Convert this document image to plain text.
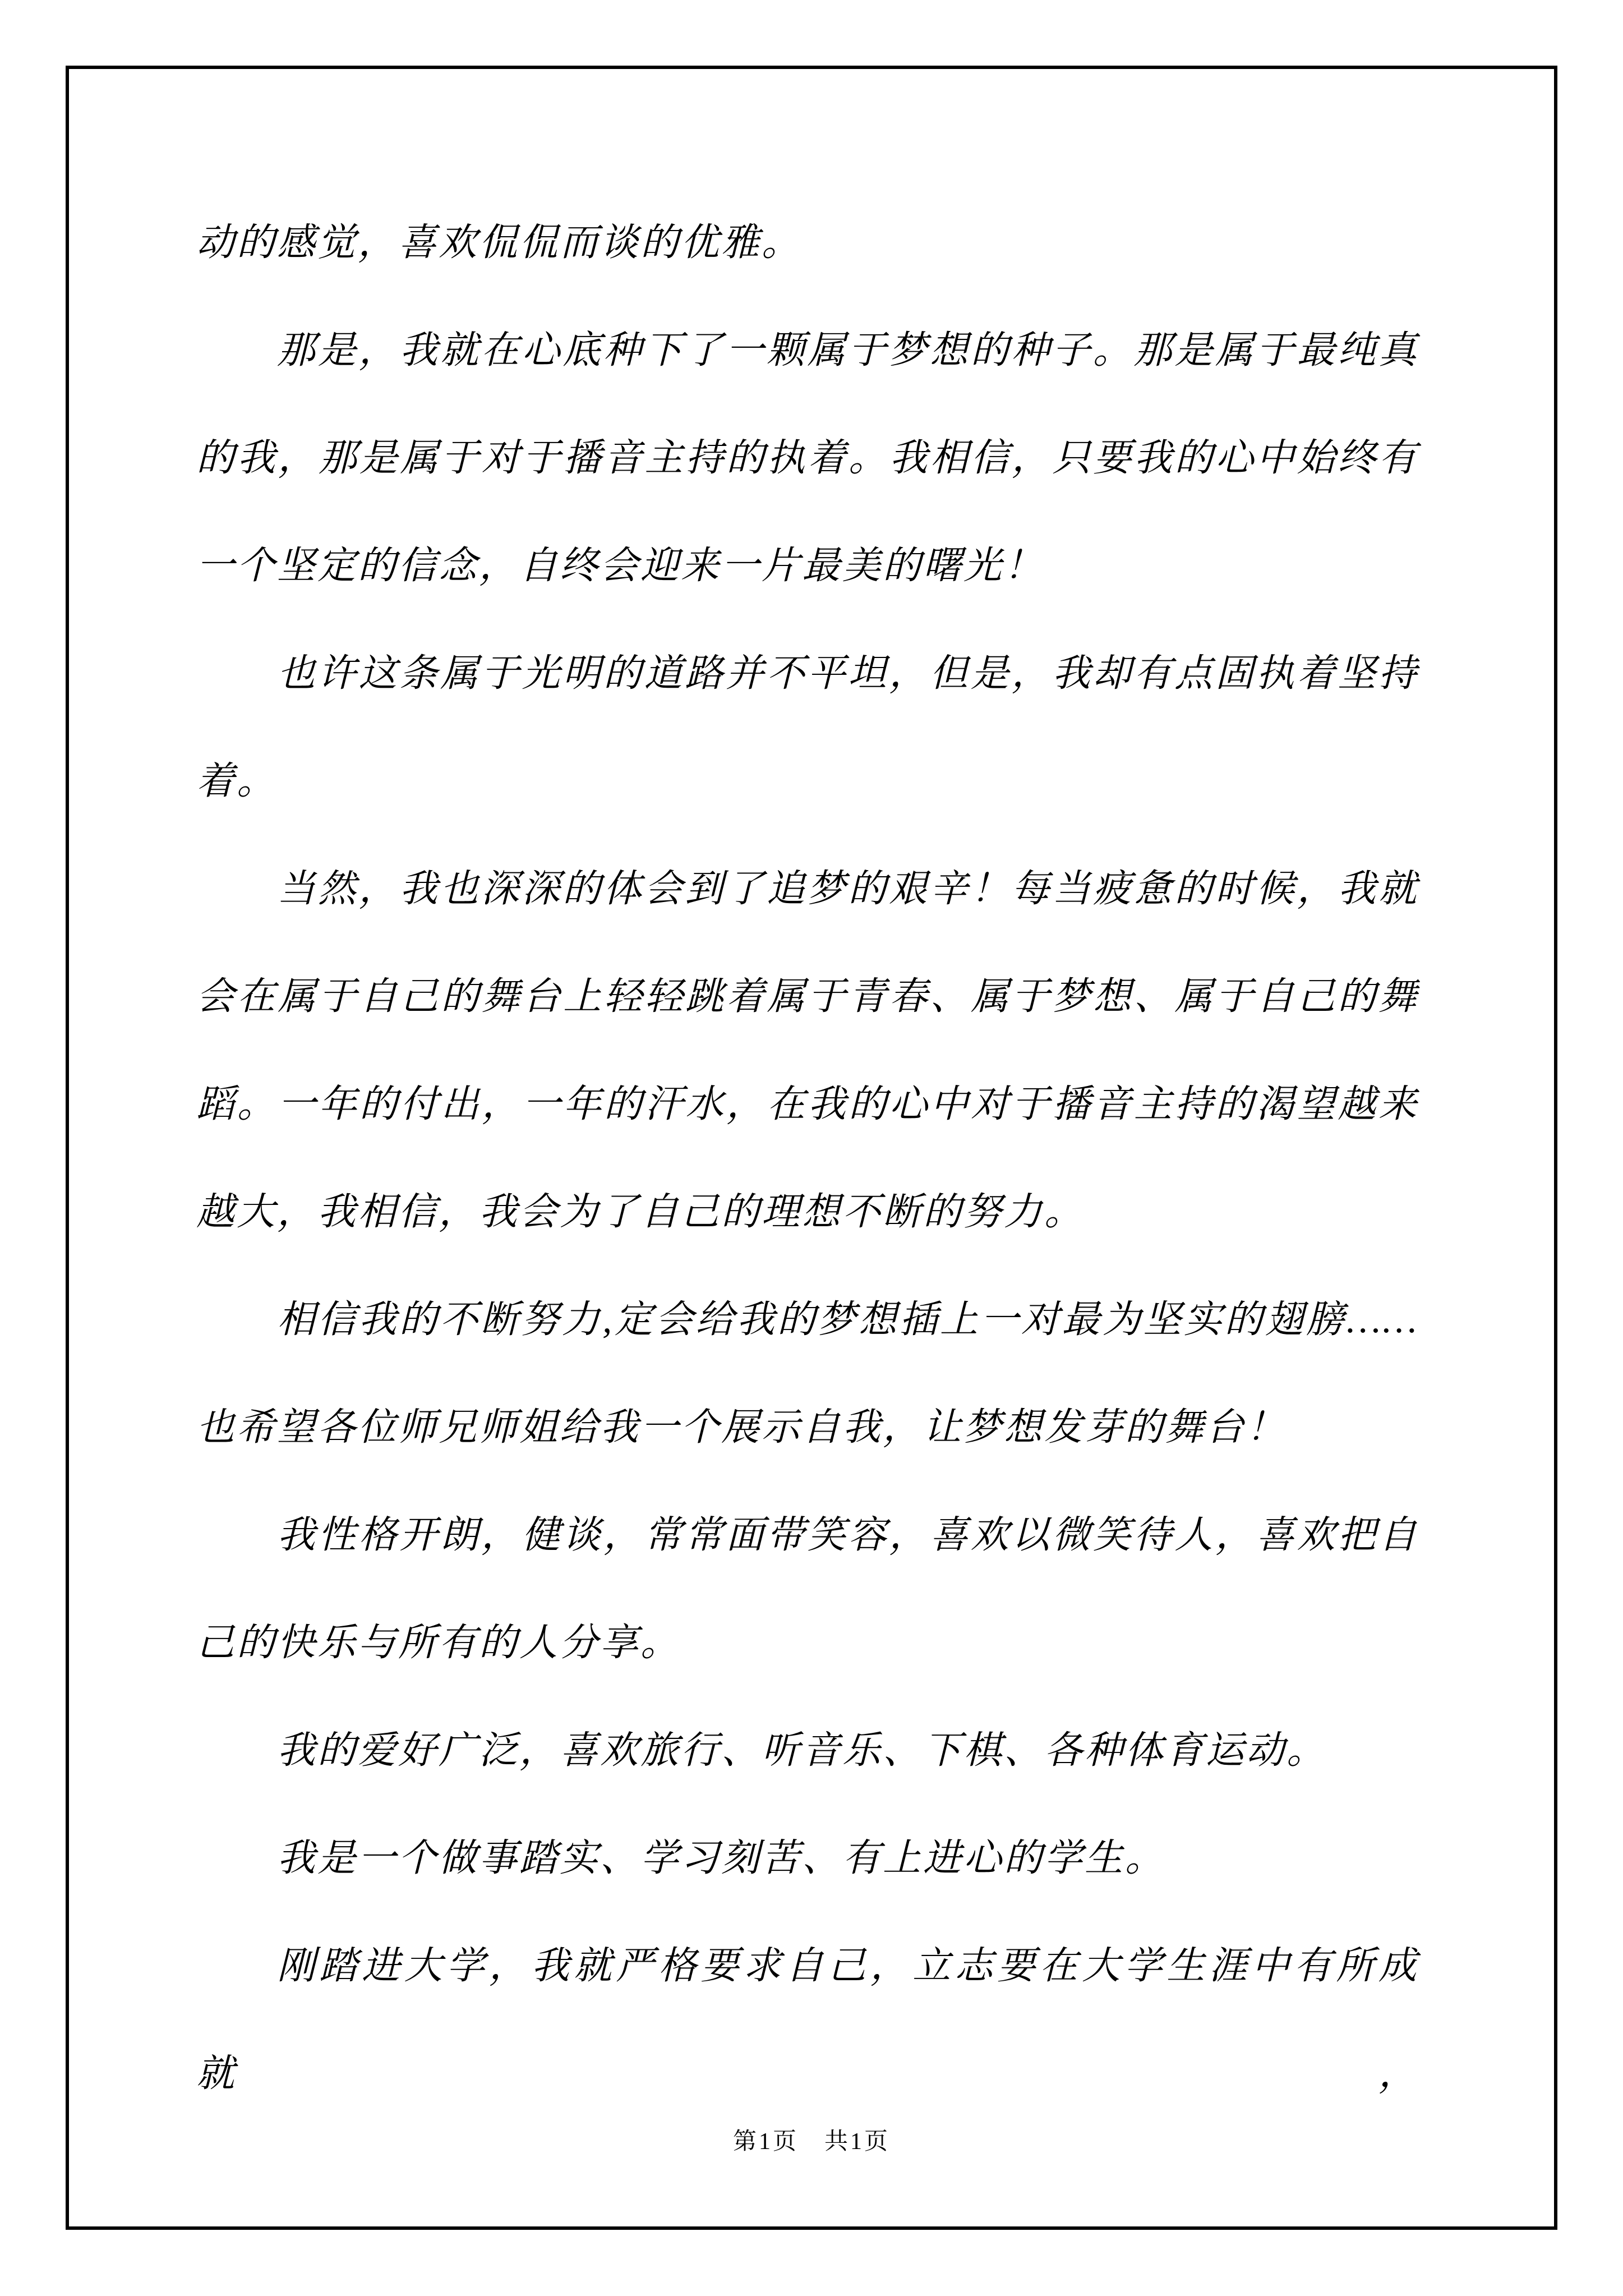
动的感觉，喜欢侃侃而谈的优雅。
那是，我就在心底种下了一颗属于梦想的种子。那是属于最纯真
的我，那是属于对于播音主持的执着。我相信，只要我的心中始终有
一个坚定的信念，自终会迎来一片最美的曙光！
也许这条属于光明的道路并不平坦，但是，我却有点固执着坚持
着。
当然，我也深深的体会到了追梦的艰辛！每当疲惫的时候，我就
会在属于自己的舞台上轻轻跳着属于青春、属于梦想、属于自己的舞
蹈。一年的付出，一年的汗水，在我的心中对于播音主持的渴望越来
越大，我相信，我会为了自己的理想不断的努力。
相信我的不断努力,定会给我的梦想插上一对最为坚实的翅膀……
也希望各位师兄师姐给我一个展示自我，让梦想发芽的舞台！
我性格开朗，健谈，常常面带笑容，喜欢以微笑待人，喜欢把自
己的快乐与所有的人分享。
我的爱好广泛，喜欢旅行、听音乐、下棋、各种体育运动。
我是一个做事踏实、学习刻苦、有上进心的学生。
刚踏进大学，我就严格要求自己，立志要在大学生涯中有所成就，
第1页　共1页
